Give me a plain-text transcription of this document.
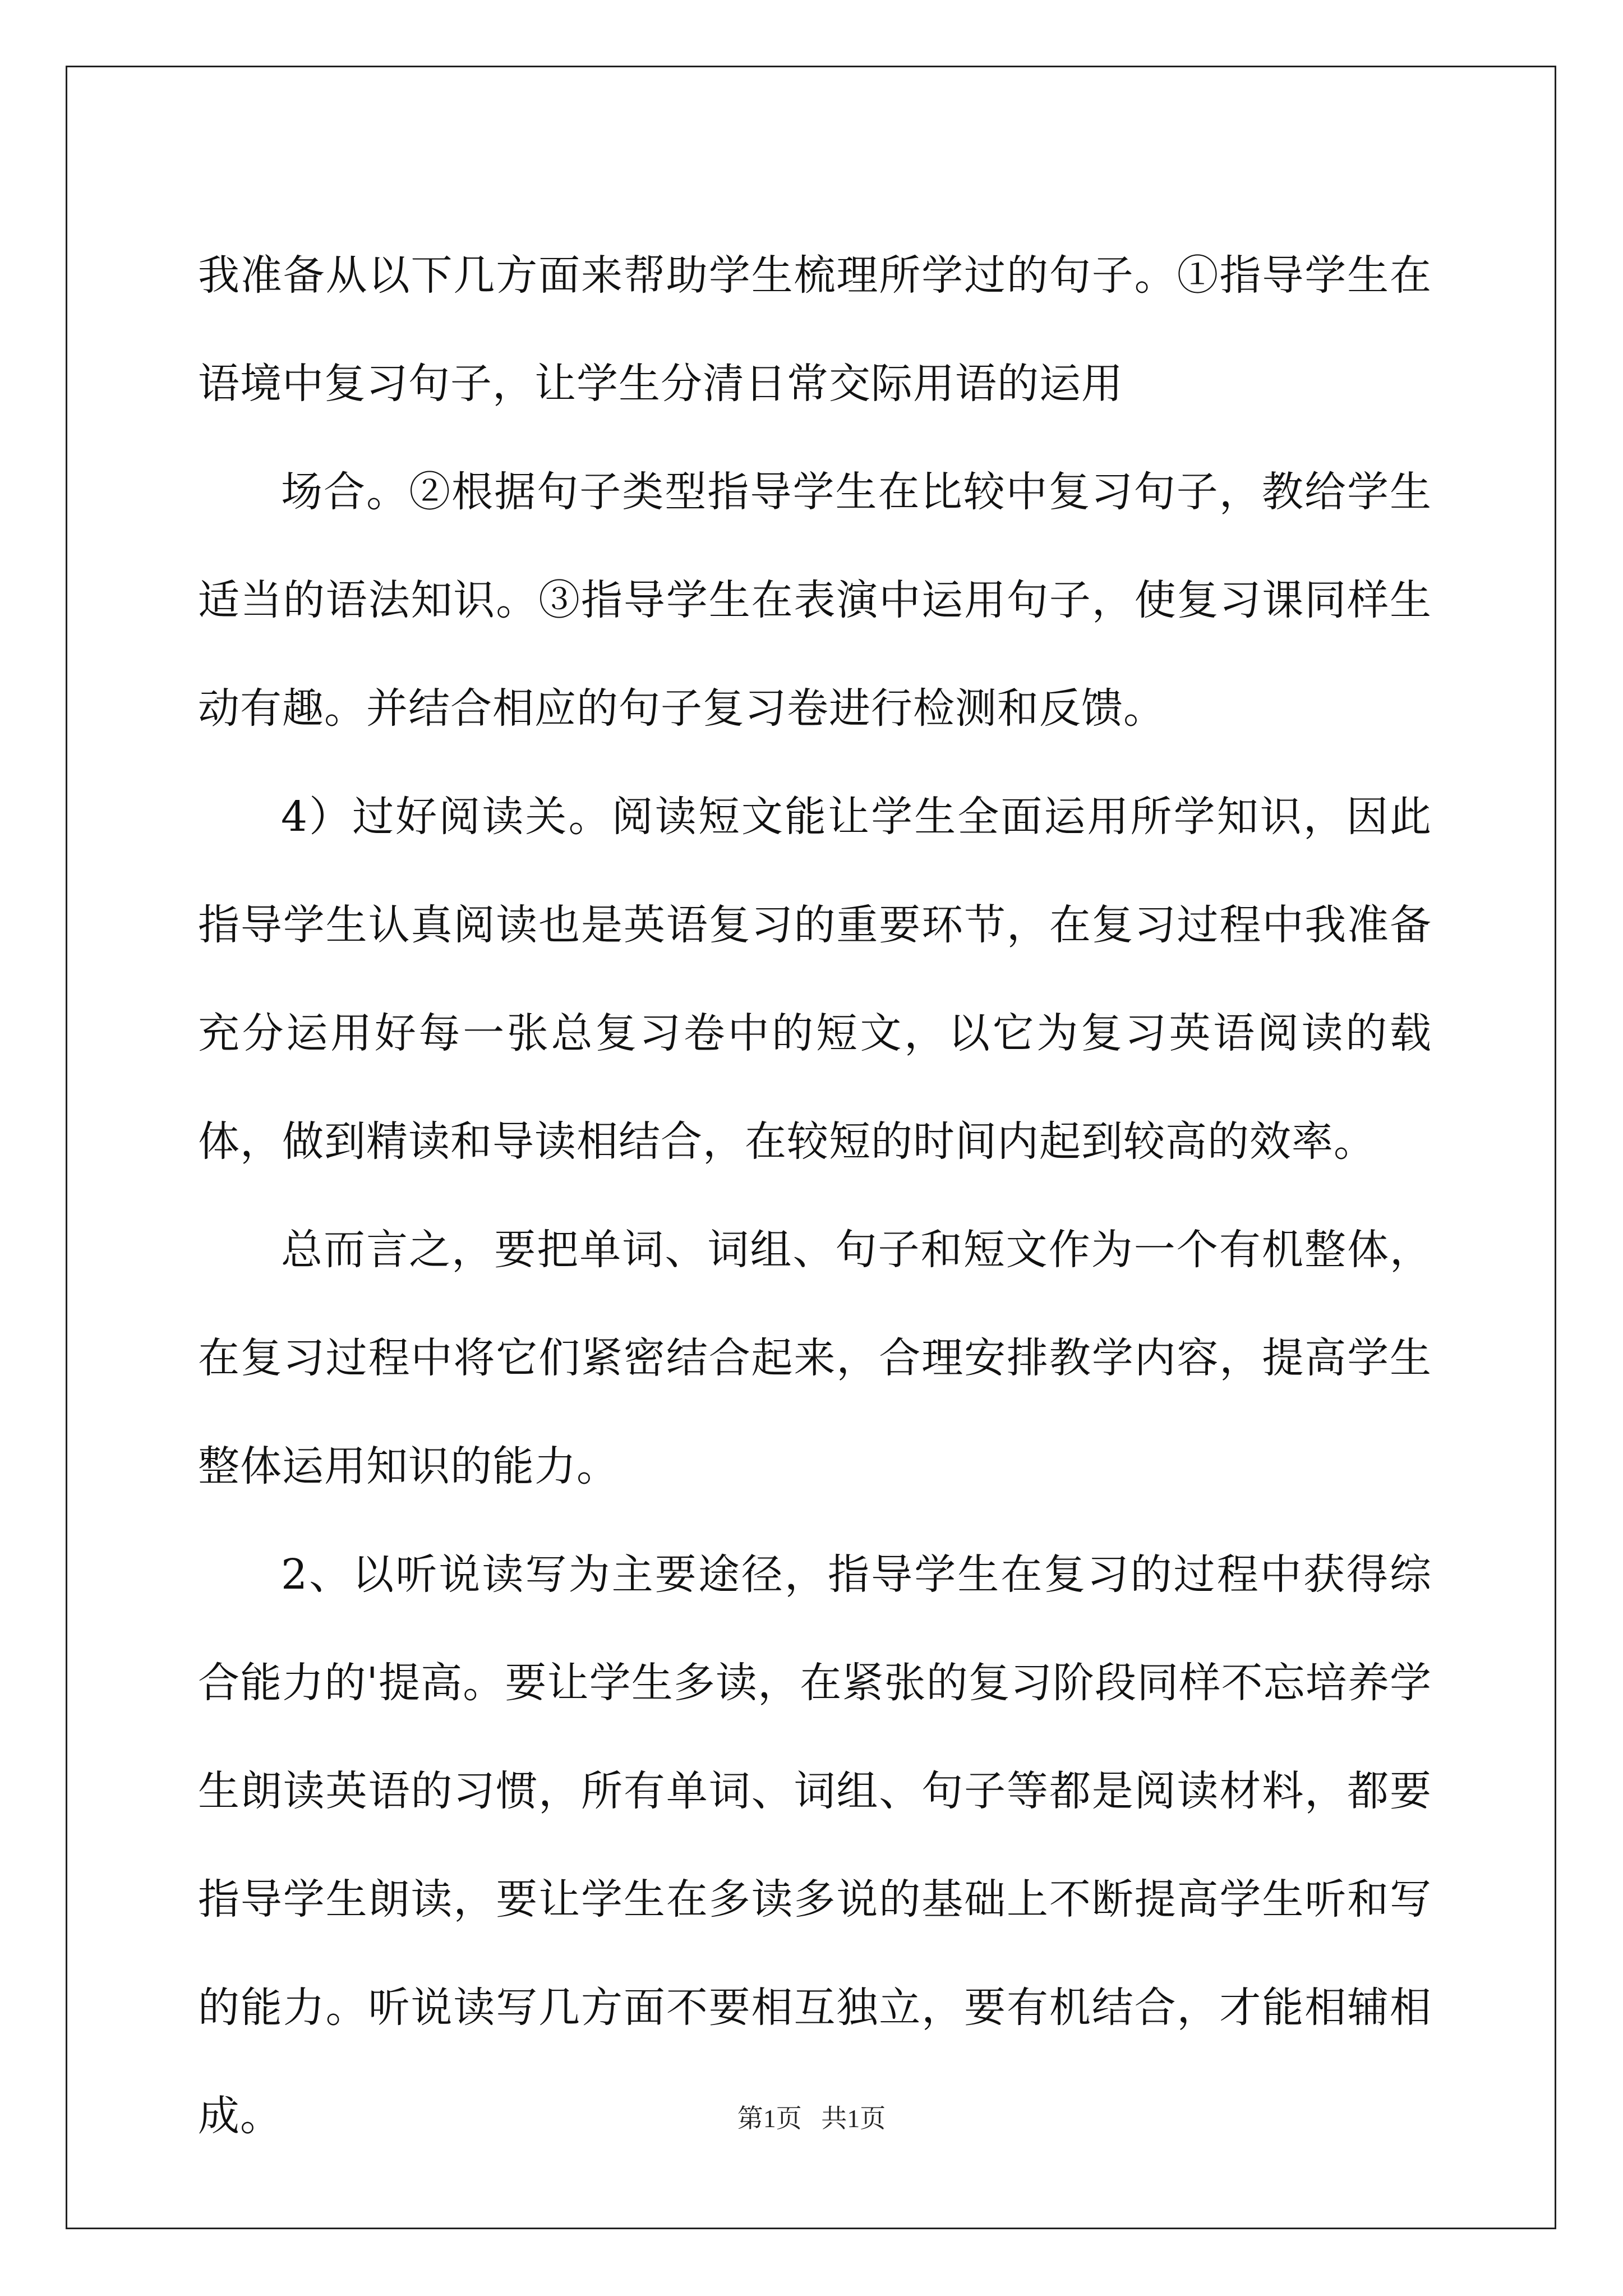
我准备从以下几方面来帮助学生梳理所学过的句子。①指导学生在语境中复习句子，让学生分清日常交际用语的运用

场合。②根据句子类型指导学生在比较中复习句子，教给学生适当的语法知识。③指导学生在表演中运用句子，使复习课同样生动有趣。并结合相应的句子复习卷进行检测和反馈。

4）过好阅读关。阅读短文能让学生全面运用所学知识，因此指导学生认真阅读也是英语复习的重要环节，在复习过程中我准备充分运用好每一张总复习卷中的短文，以它为复习英语阅读的载体，做到精读和导读相结合，在较短的时间内起到较高的效率。

总而言之，要把单词、词组、句子和短文作为一个有机整体，在复习过程中将它们紧密结合起来，合理安排教学内容，提高学生整体运用知识的能力。

2、以听说读写为主要途径，指导学生在复习的过程中获得综合能力的'提高。要让学生多读，在紧张的复习阶段同样不忘培养学生朗读英语的习惯，所有单词、词组、句子等都是阅读材料，都要指导学生朗读，要让学生在多读多说的基础上不断提高学生听和写的能力。听说读写几方面不要相互独立，要有机结合，才能相辅相成。	第1页   共1页
